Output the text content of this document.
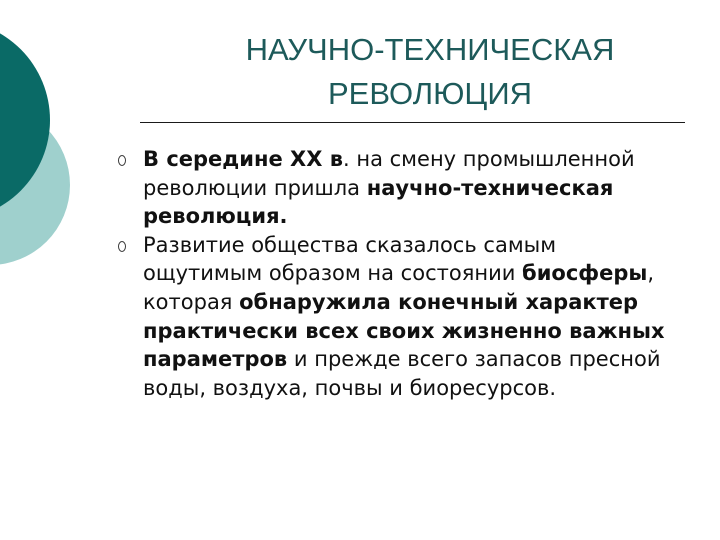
НАУЧНО-ТЕХНИЧЕСКАЯ
РЕВОЛЮЦИЯ
В середине ХХ в. на смену промышленной революции пришла научно-техническая революция.
Развитие общества сказалось самым ощутимым образом на состоянии биосферы, которая обнаружила конечный характер практически всех своих жизненно важных параметров и прежде всего запасов пресной воды, воздуха, почвы и биоресурсов.
